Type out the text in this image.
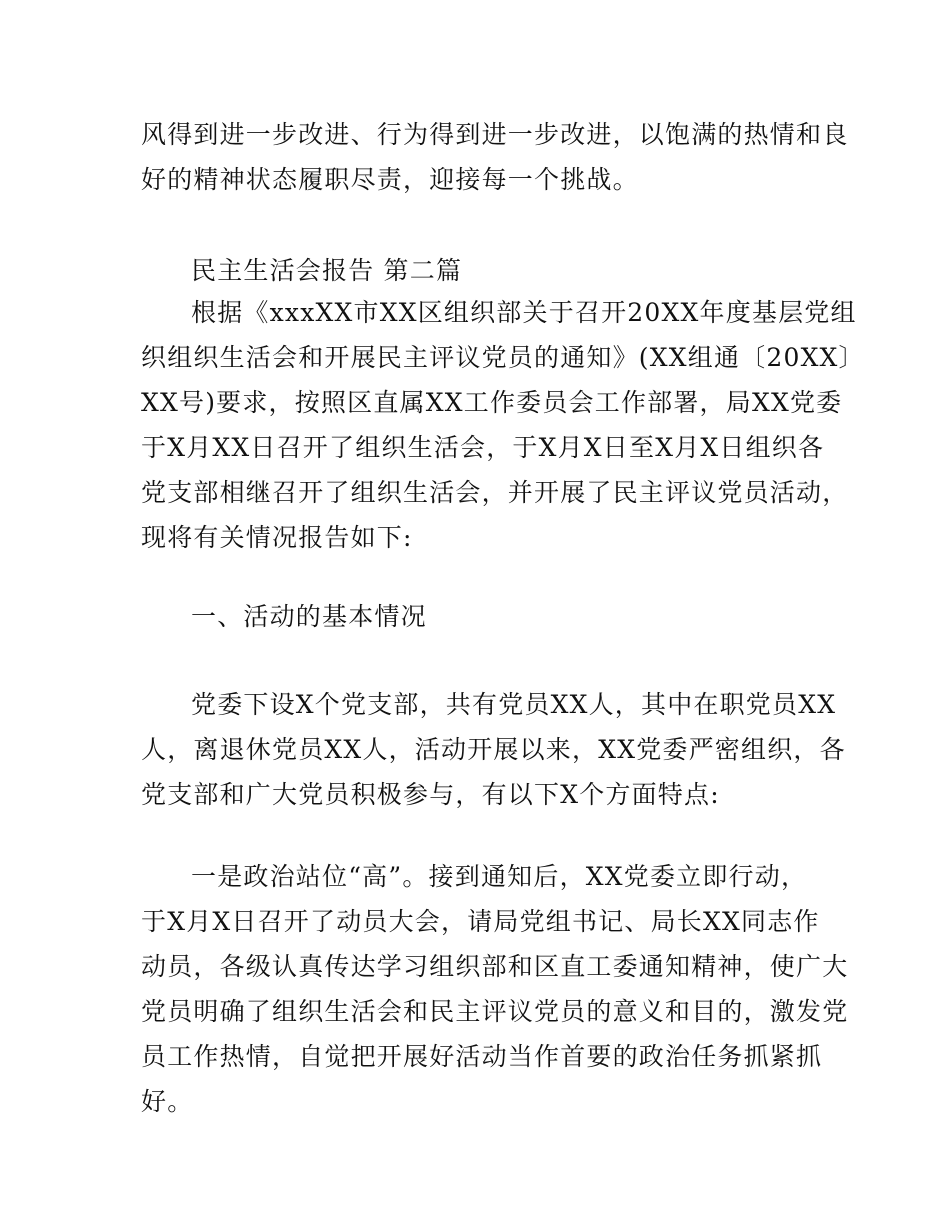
风得到进一步改进、行为得到进一步改进，以饱满的热情和良
好的精神状态履职尽责，迎接每一个挑战。
民主生活会报告 第二篇
根据《xxxXX市XX区组织部关于召开20XX年度基层党组
织组织生活会和开展民主评议党员的通知》(XX组通〔20XX〕
XX号)要求，按照区直属XX工作委员会工作部署，局XX党委
于X月XX日召开了组织生活会，于X月X日至X月X日组织各
党支部相继召开了组织生活会，并开展了民主评议党员活动，
现将有关情况报告如下:
一、活动的基本情况
党委下设X个党支部，共有党员XX人，其中在职党员XX
人，离退休党员XX人，活动开展以来，XX党委严密组织，各
党支部和广大党员积极参与，有以下X个方面特点:
一是政治站位“高”。接到通知后，XX党委立即行动，
于X月X日召开了动员大会，请局党组书记、局长XX同志作
动员，各级认真传达学习组织部和区直工委通知精神，使广大
党员明确了组织生活会和民主评议党员的意义和目的，激发党
员工作热情，自觉把开展好活动当作首要的政治任务抓紧抓
好。
